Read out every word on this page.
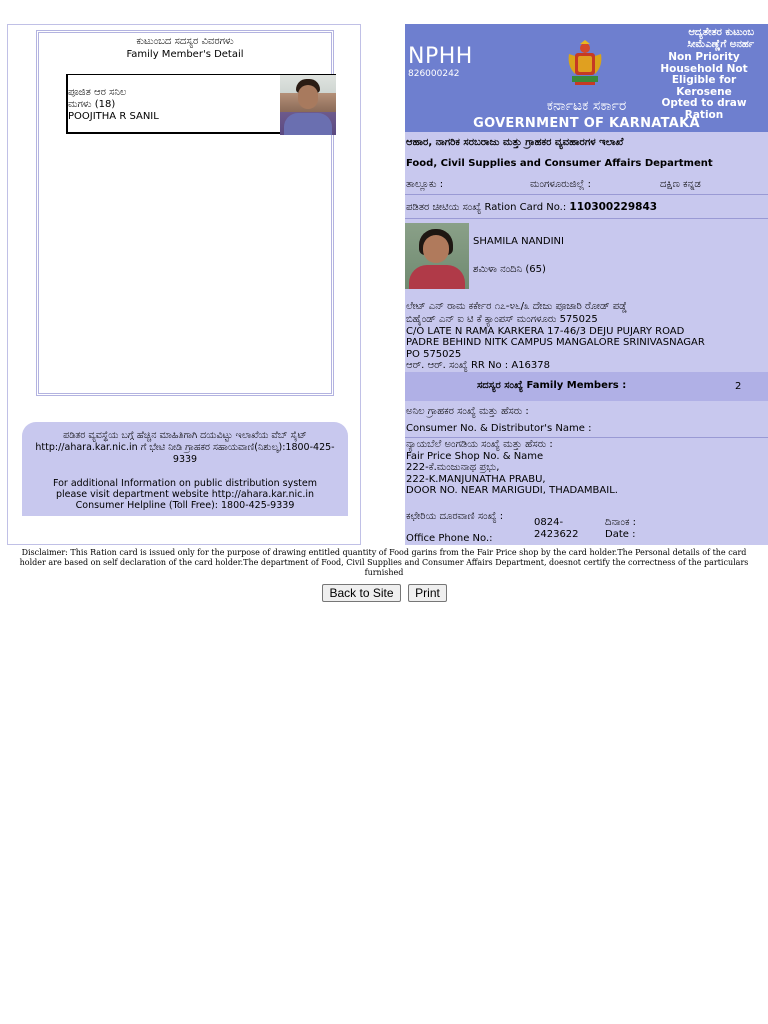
ಕುಟುಂಬದ ಸದಸ್ಯರ ವಿವರಗಳು
Family Member's Detail
ಪೂಜಿತ ಆರ ಸನಿಲ
ಮಗಳು (18)
POOJITHA R SANIL
ಪಡಿತರ ವ್ಯವಸ್ಥೆಯ ಬಗ್ಗೆ ಹೆಚ್ಚಿನ ಮಾಹಿತಿಗಾಗಿ ದಯವಿಟ್ಟು ಇಲಾಖೆಯ ವೆಬ್ ಸೈಟ್ http://ahara.kar.nic.in ಗೆ ಭೇಟಿ ನೀಡಿ ಗ್ರಾಹಕರ ಸಹಾಯವಾಣಿ(ನಿಶುಲ್ಕ):1800-425-9339
For additional Information on public distribution system
please visit department website http://ahara.kar.nic.in
Consumer Helpline (Toll Free): 1800-425-9339
NPHH
826000242
ಆದ್ಯತೇತರ ಕುಟುಂಬ
ಸೀಮೆಎಣ್ಣೆಗೆ ಅನರ್ಹ
Non Priority
Household Not
Eligible for Kerosene
Opted to draw Ration
ಕರ್ನಾಟಕ ಸರ್ಕಾರ
GOVERNMENT OF KARNATAKA
ಆಹಾರ, ನಾಗರಿಕ ಸರಬರಾಜು ಮತ್ತು ಗ್ರಾಹಕರ ವ್ಯವಹಾರಗಳ ಇಲಾಖೆ
Food, Civil Supplies and Consumer Affairs Department
ತಾಲ್ಲೂಕು :	ಮಂಗಳೂರುಜಿಲ್ಲೆ :	ದಕ್ಷಿಣ ಕನ್ನಡ
ಪಡಿತರ ಚೀಟಿಯ ಸಂಖ್ಯೆ Ration Card No.: 110300229843
SHAMILA NANDINI
ಶಮಿಳಾ ನಂದಿನಿ (65)
ಲೇಟ್ ಎನ್ ರಾಮ ಕರ್ಕೇರ ೧೭-೪೬/೩ ದೇಜು ಪೂಜಾರಿ ರೋಡ್ ಪಡ್ಡೆ
ಬಿಹೈಂಡ್ ಎನ್ ಐ ಟಿ ಕೆ ಕ್ಯಾಂಪಸ್ ಮಂಗಳೂರು 575025
C/O LATE N RAMA KARKERA 17-46/3 DEJU PUJARY ROAD
PADRE BEHIND NITK CAMPUS MANGALORE SRINIVASNAGAR
PO 575025
ಆರ್. ಆರ್. ಸಂಖ್ಯೆ RR No : A16378
ಸದಸ್ಯರ ಸಂಖ್ಯೆ Family Members :	2
ಅನಿಲ ಗ್ರಾಹಕರ ಸಂಖ್ಯೆ ಮತ್ತು ಹೆಸರು :
Consumer No. & Distributor's Name :
ನ್ಯಾಯಬೆಲೆ ಅಂಗಡಿಯ ಸಂಖ್ಯೆ ಮತ್ತು ಹೆಸರು :
Fair Price Shop No. & Name
222-ಕೆ.ಮಂಜುನಾಥ ಪ್ರಭು,
222-K.MANJUNATHA PRABU,
DOOR NO. NEAR MARIGUDI, THADAMBAIL.
ಕಛೇರಿಯ ದೂರವಾಣಿ ಸಂಖ್ಯೆ :
Office Phone No.:
0824-
2423622
ದಿನಾಂಕ :
Date :
Disclaimer: This Ration card is issued only for the purpose of drawing entitled quantity of Food garins from the Fair Price shop by the card holder.The Personal details of the card holder are based on self declaration of the card holder.The department of Food, Civil Supplies and Consumer Affairs Department, doesnot certify the correctness of the particulars furnished
Back to Site	Print
